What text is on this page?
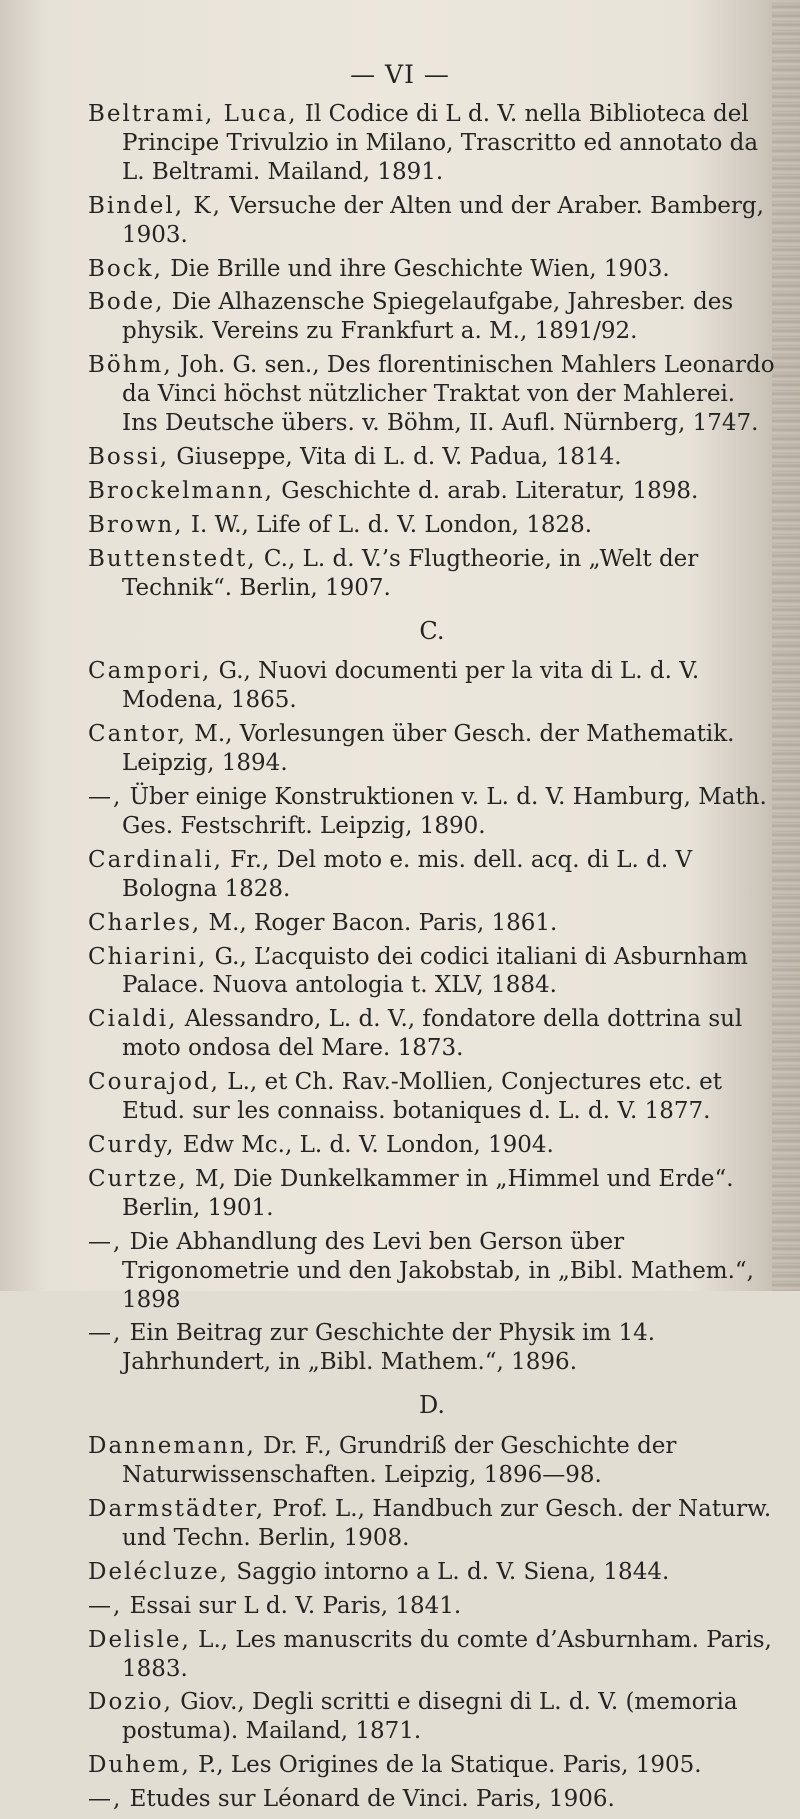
— VI —

Beltrami, Luca, Il Codice di L d. V. nella Biblioteca del Principe Trivulzio in Milano, Trascritto ed annotato da L. Beltrami. Mailand, 1891.

Bindel, K, Versuche der Alten und der Araber. Bamberg, 1903.

Bock, Die Brille und ihre Geschichte Wien, 1903.

Bode, Die Alhazensche Spiegelaufgabe, Jahresber. des physik. Vereins zu Frankfurt a. M., 1891/92.

Böhm, Joh. G. sen., Des florentinischen Mahlers Leonardo da Vinci höchst nützlicher Traktat von der Mahlerei. Ins Deutsche übers. v. Böhm, II. Aufl. Nürnberg, 1747.

Bossi, Giuseppe, Vita di L. d. V. Padua, 1814.

Brockelmann, Geschichte d. arab. Literatur, 1898.

Brown, I. W., Life of L. d. V. London, 1828.

Buttenstedt, C., L. d. V.’s Flugtheorie, in „Welt der Technik“. Berlin, 1907.

C.

Campori, G., Nuovi documenti per la vita di L. d. V. Modena, 1865.

Cantor, M., Vorlesungen über Gesch. der Mathematik. Leipzig, 1894.

—, Über einige Konstruktionen v. L. d. V. Hamburg, Math. Ges. Festschrift. Leipzig, 1890.

Cardinali, Fr., Del moto e. mis. dell. acq. di L. d. V Bologna 1828.

Charles, M., Roger Bacon. Paris, 1861.

Chiarini, G., L’acquisto dei codici italiani di Asburnham Palace. Nuova antologia t. XLV, 1884.

Cialdi, Alessandro, L. d. V., fondatore della dottrina sul moto ondosa del Mare. 1873.

Courajod, L., et Ch. Rav.-Mollien, Conjectures etc. et Etud. sur les connaiss. botaniques d. L. d. V. 1877.

Curdy, Edw Mc., L. d. V. London, 1904.

Curtze, M, Die Dunkelkammer in „Himmel und Erde“. Berlin, 1901.

—, Die Abhandlung des Levi ben Gerson über Trigonometrie und den Jakobstab, in „Bibl. Mathem.“, 1898

—, Ein Beitrag zur Geschichte der Physik im 14. Jahrhundert, in „Bibl. Mathem.“, 1896.

D.

Dannemann, Dr. F., Grundriß der Geschichte der Naturwissenschaften. Leipzig, 1896—98.

Darmstädter, Prof. L., Handbuch zur Gesch. der Naturw. und Techn. Berlin, 1908.

Delécluze, Saggio intorno a L. d. V. Siena, 1844.

—, Essai sur L d. V. Paris, 1841.

Delisle, L., Les manuscrits du comte d’Asburnham. Paris, 1883.

Dozio, Giov., Degli scritti e disegni di L. d. V. (memoria postuma). Mailand, 1871.

Duhem, P., Les Origines de la Statique. Paris, 1905.

—, Etudes sur Léonard de Vinci. Paris, 1906.
